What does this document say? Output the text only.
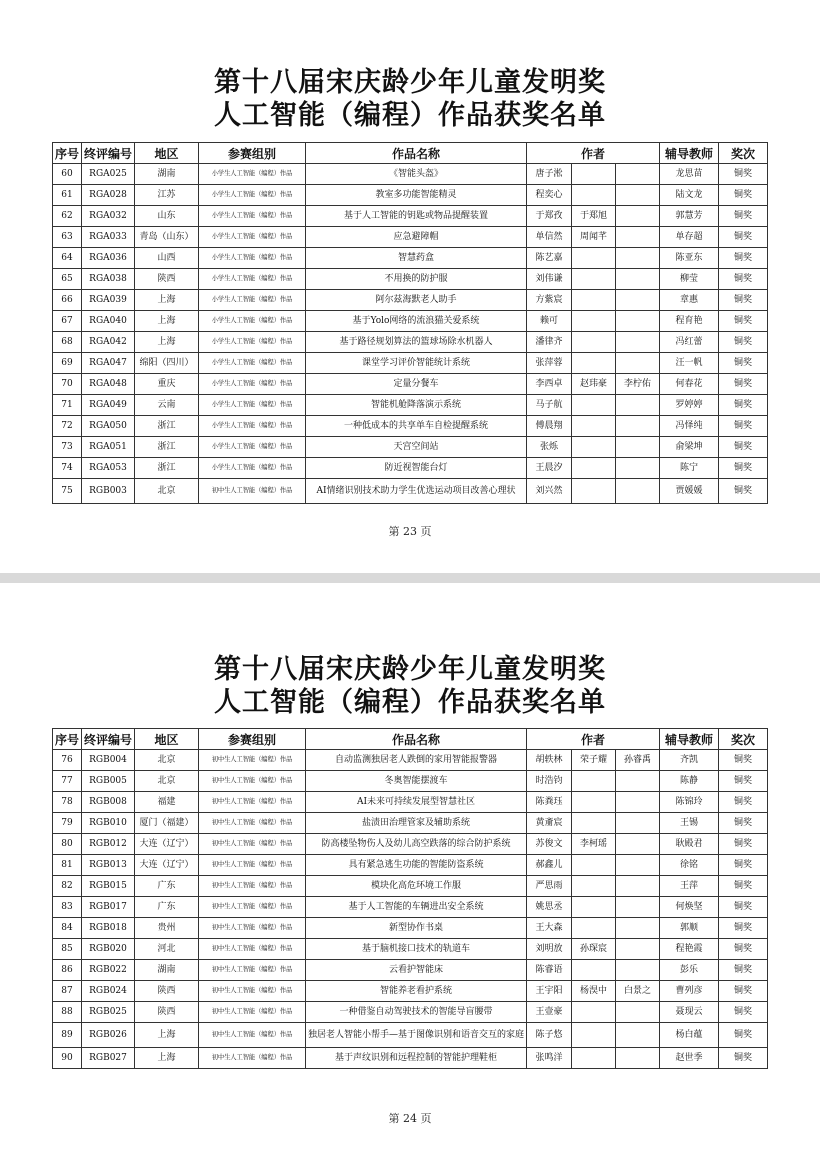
第十八届宋庆龄少年儿童发明奖
人工智能（编程）作品获奖名单
序号	终评编号	地区	参赛组别	作品名称	作者			辅导教师	奖次
60	RGA025	湖南	小学生人工智能（编程）作品	《智能头盔》	唐子淞			龙思苗	铜奖
61	RGA028	江苏	小学生人工智能（编程）作品	教室多功能智能精灵	程奕心			陆文龙	铜奖
62	RGA032	山东	小学生人工智能（编程）作品	基于人工智能的钥匙或物品提醒装置	于郑孜	于郑旭		郭慧芳	铜奖
63	RGA033	青岛（山东）	小学生人工智能（编程）作品	应急避障帽	单信然	周闻芊		单存超	铜奖
64	RGA036	山西	小学生人工智能（编程）作品	智慧药盒	陈艺嘉			陈亚东	铜奖
65	RGA038	陕西	小学生人工智能（编程）作品	不用换的防护服	刘伟谦			柳莹	铜奖
66	RGA039	上海	小学生人工智能（编程）作品	阿尔兹海默老人助手	方紫宸			章惠	铜奖
67	RGA040	上海	小学生人工智能（编程）作品	基于Yolo网络的流浪猫关爱系统	赖可			程育艳	铜奖
68	RGA042	上海	小学生人工智能（编程）作品	基于路径规划算法的篮球场除水机器人	潘律齐			冯红蕾	铜奖
69	RGA047	绵阳（四川）	小学生人工智能（编程）作品	课堂学习评价智能统计系统	张萍蓉			汪一帆	铜奖
70	RGA048	重庆	小学生人工智能（编程）作品	定量分餐车	李西卓	赵玮豪	李柠佑	何春花	铜奖
71	RGA049	云南	小学生人工智能（编程）作品	智能机舱降落演示系统	马子航			罗婷婷	铜奖
72	RGA050	浙江	小学生人工智能（编程）作品	一种低成本的共享单车自检提醒系统	傅晨翔			冯怿纯	铜奖
73	RGA051	浙江	小学生人工智能（编程）作品	天宫空间站	张烁			俞梁坤	铜奖
74	RGA053	浙江	小学生人工智能（编程）作品	防近视智能台灯	王晨汐			陈宁	铜奖
75	RGB003	北京	初中生人工智能（编程）作品	AI情绪识别技术助力学生优选运动项目改善心理状	刘兴然			贾媛媛	铜奖
第 23 页
第十八届宋庆龄少年儿童发明奖
人工智能（编程）作品获奖名单
序号	终评编号	地区	参赛组别	作品名称	作者			辅导教师	奖次
76	RGB004	北京	初中生人工智能（编程）作品	自动监测独居老人跌倒的家用智能报警器	胡轶林	荣子耀	孙睿禹	齐凯	铜奖
77	RGB005	北京	初中生人工智能（编程）作品	冬奥智能摆渡车	时浩钧			陈静	铜奖
78	RGB008	福建	初中生人工智能（编程）作品	AI未来可持续发展型智慧社区	陈粪珏			陈锦玲	铜奖
79	RGB010	厦门（福建）	初中生人工智能（编程）作品	盐渍田治理管家及辅助系统	黄齑宸			王锡	铜奖
80	RGB012	大连（辽宁）	初中生人工智能（编程）作品	防高楼坠物伤人及幼儿高空跌落的综合防护系统	苏俊文	李柯瑶		耿殿君	铜奖
81	RGB013	大连（辽宁）	初中生人工智能（编程）作品	具有紧急逃生功能的智能防盗系统	郝鑫儿			徐铭	铜奖
82	RGB015	广东	初中生人工智能（编程）作品	模块化高危环境工作服	严思雨			王萍	铜奖
83	RGB017	广东	初中生人工智能（编程）作品	基于人工智能的车辆进出安全系统	姚思丞			何焕坚	铜奖
84	RGB018	贵州	初中生人工智能（编程）作品	新型协作书桌	王大森			郭顺	铜奖
85	RGB020	河北	初中生人工智能（编程）作品	基于脑机接口技术的轨道车	刘明放	孙琛宸		程艳霞	铜奖
86	RGB022	湖南	初中生人工智能（编程）作品	云看护智能床	陈睿语			彭乐	铜奖
87	RGB024	陕西	初中生人工智能（编程）作品	智能养老看护系统	王宇阳	杨淏中	白景之	曹列彦	铜奖
88	RGB025	陕西	初中生人工智能（编程）作品	一种借鉴自动驾驶技术的智能导盲腰带	王壹豪			聂现云	铜奖
89	RGB026	上海	初中生人工智能（编程）作品	独居老人智能小帮手—基于图像识别和语音交互的家庭	陈子悠			杨白蕴	铜奖
90	RGB027	上海	初中生人工智能（编程）作品	基于声纹识别和远程控制的智能护理鞋柜	张鸣洋			赵世季	铜奖
第 24 页
